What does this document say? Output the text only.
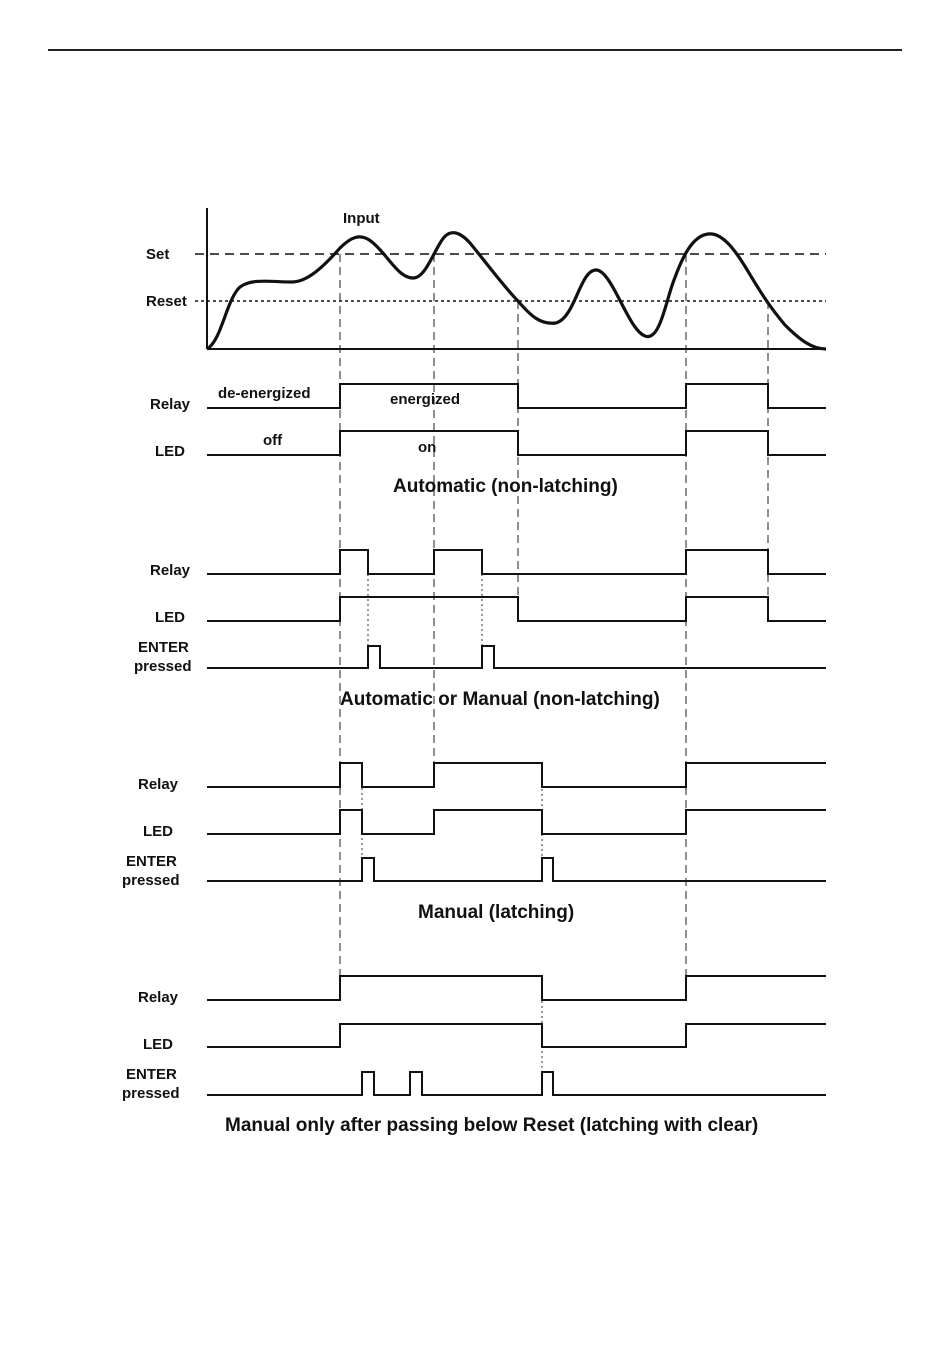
Input
Set
Reset
Relay
LED
de-energized	energized
off	on
Automatic (non-latching)
Relay
LED
ENTER
pressed
Automatic or Manual (non-latching)
Relay
LED
ENTER
pressed
Manual (latching)
Relay
LED
ENTER
pressed
Manual only after passing below Reset (latching with clear)
